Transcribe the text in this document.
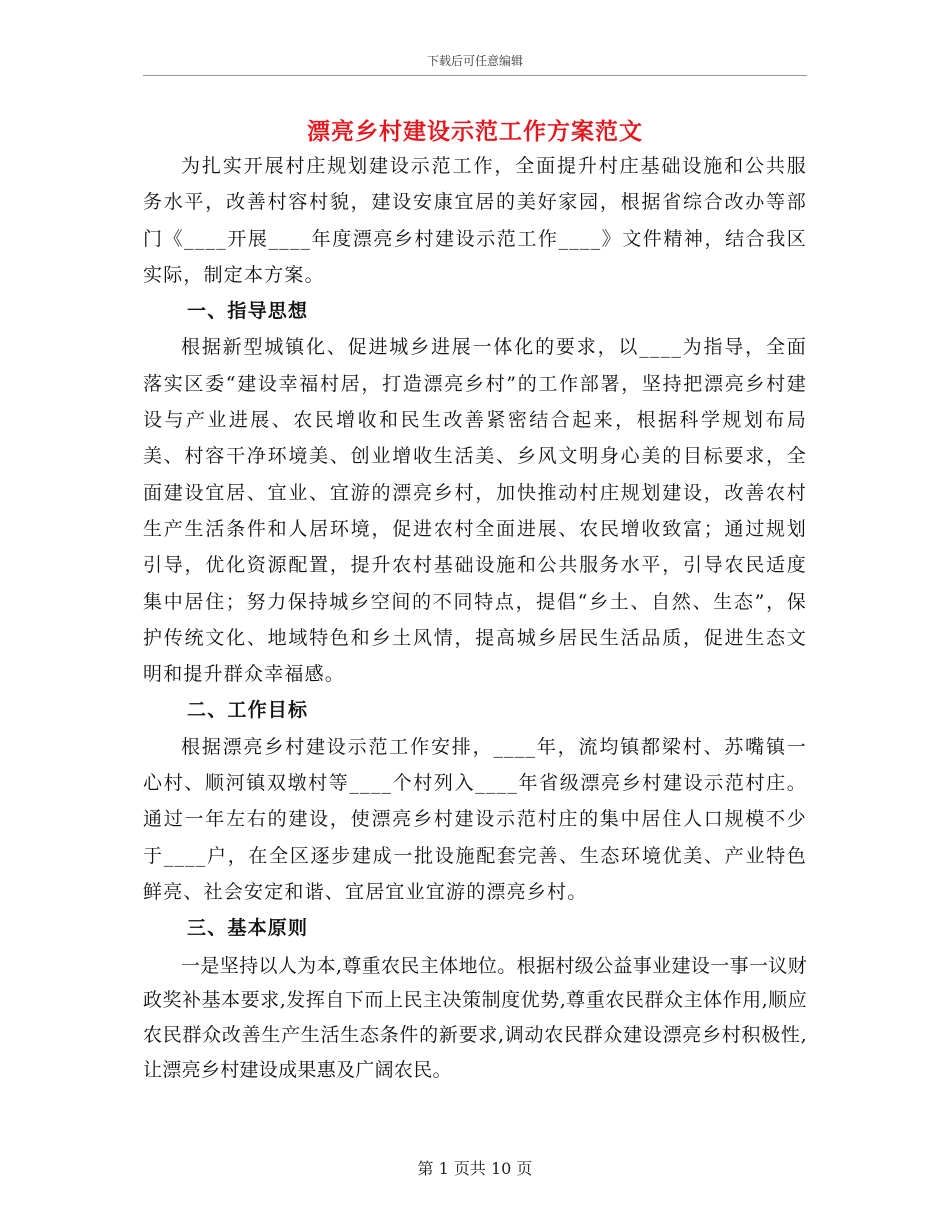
下载后可任意编辑
漂亮乡村建设示范工作方案范文

为扎实开展村庄规划建设示范工作，全面提升村庄基础设施和公共服务水平，改善村容村貌，建设安康宜居的美好家园，根据省综合改办等部门《____开展____年度漂亮乡村建设示范工作____》文件精神，结合我区实际，制定本方案。

一、指导思想

根据新型城镇化、促进城乡进展一体化的要求，以____为指导，全面落实区委“建设幸福村居，打造漂亮乡村”的工作部署，坚持把漂亮乡村建设与产业进展、农民增收和民生改善紧密结合起来，根据科学规划布局美、村容干净环境美、创业增收生活美、乡风文明身心美的目标要求，全面建设宜居、宜业、宜游的漂亮乡村，加快推动村庄规划建设，改善农村生产生活条件和人居环境，促进农村全面进展、农民增收致富；通过规划引导，优化资源配置，提升农村基础设施和公共服务水平，引导农民适度集中居住；努力保持城乡空间的不同特点，提倡“乡土、自然、生态”，保护传统文化、地域特色和乡土风情，提高城乡居民生活品质，促进生态文明和提升群众幸福感。

二、工作目标

根据漂亮乡村建设示范工作安排，____年，流均镇都梁村、苏嘴镇一心村、顺河镇双墩村等____个村列入____年省级漂亮乡村建设示范村庄。通过一年左右的建设，使漂亮乡村建设示范村庄的集中居住人口规模不少于____户，在全区逐步建成一批设施配套完善、生态环境优美、产业特色鲜亮、社会安定和谐、宜居宜业宜游的漂亮乡村。

三、基本原则

一是坚持以人为本,尊重农民主体地位。根据村级公益事业建设一事一议财政奖补基本要求,发挥自下而上民主决策制度优势,尊重农民群众主体作用,顺应农民群众改善生产生活生态条件的新要求,调动农民群众建设漂亮乡村积极性,让漂亮乡村建设成果惠及广阔农民。

第 1 页共 10 页
